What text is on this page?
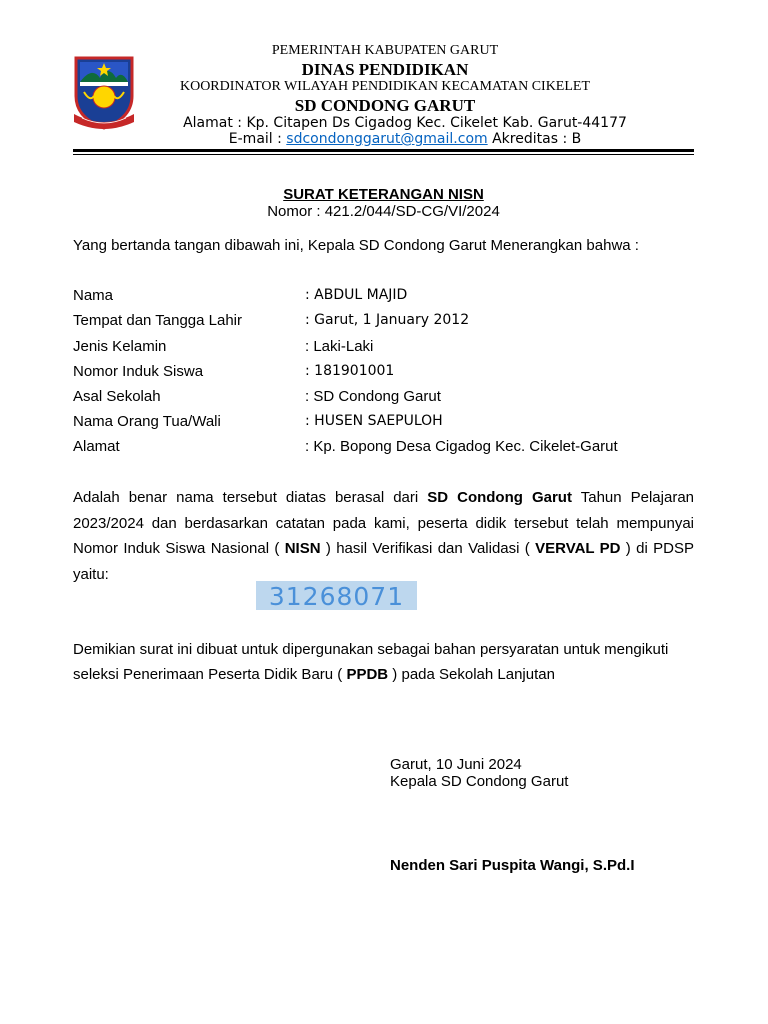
PEMERINTAH KABUPATEN GARUT
DINAS PENDIDIKAN
KOORDINATOR WILAYAH PENDIDIKAN KECAMATAN CIKELET
SD CONDONG GARUT
Alamat : Kp. Citapen Ds Cigadog Kec. Cikelet Kab. Garut-44177
E-mail : sdcondonggarut@gmail.com Akreditas : B
SURAT KETERANGAN NISN
Nomor : 421.2/044/SD-CG/VI/2024
Yang bertanda tangan dibawah ini, Kepala SD Condong Garut Menerangkan bahwa :
Nama	: ABDUL MAJID
Tempat dan Tangga Lahir	: Garut, 1 January 2012
Jenis Kelamin	: Laki-Laki
Nomor Induk Siswa	: 181901001
Asal Sekolah	: SD Condong Garut
Nama Orang Tua/Wali	: HUSEN SAEPULOH
Alamat	: Kp. Bopong Desa Cigadog Kec. Cikelet-Garut
Adalah benar nama tersebut diatas berasal dari SD Condong Garut Tahun Pelajaran 2023/2024 dan berdasarkan catatan pada kami, peserta didik tersebut telah mempunyai Nomor Induk Siswa Nasional ( NISN ) hasil Verifikasi dan Validasi ( VERVAL PD ) di PDSP yaitu:
31268071
Demikian surat ini dibuat untuk dipergunakan sebagai bahan persyaratan untuk mengikuti seleksi Penerimaan Peserta Didik Baru ( PPDB ) pada Sekolah Lanjutan
Garut, 10 Juni 2024
Kepala SD Condong Garut
Nenden Sari Puspita Wangi, S.Pd.I
